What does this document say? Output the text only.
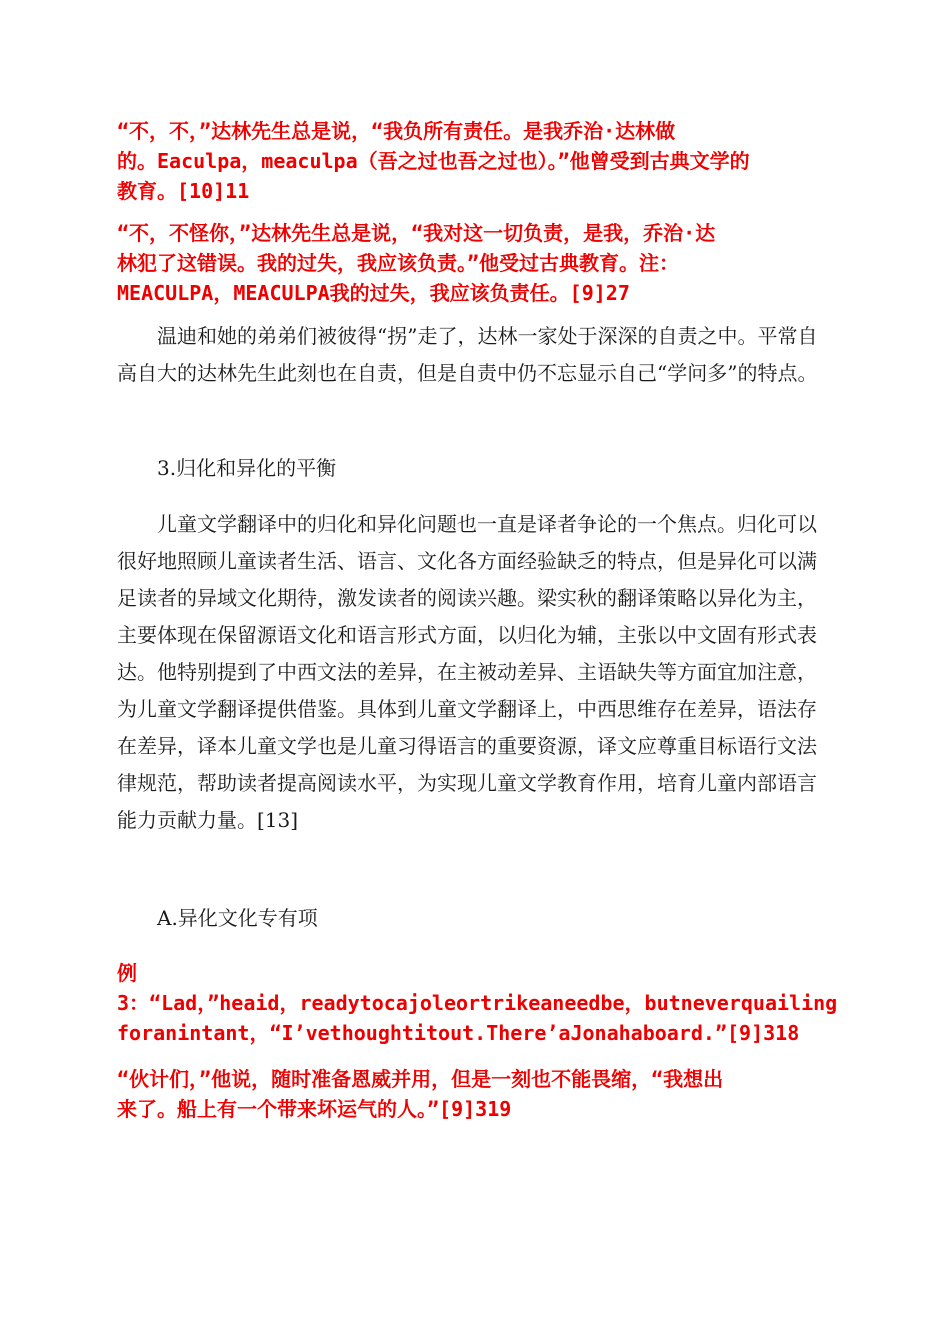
“不，不，”达林先生总是说，“我负所有责任。是我乔治·达林做
的。Eaculpa，meaculpa（吾之过也吾之过也）。”他曾受到古典文学的
教育。[10]11
“不，不怪你，”达林先生总是说，“我对这一切负责，是我，乔治·达
林犯了这错误。我的过失，我应该负责。”他受过古典教育。注：
MEACULPA，MEACULPA我的过失，我应该负责任。[9]27

温迪和她的弟弟们被彼得“拐”走了，达林一家处于深深的自责之中。平常自高自大的达林先生此刻也在自责，但是自责中仍不忘显示自己“学问多”的特点。

3.归化和异化的平衡

儿童文学翻译中的归化和异化问题也一直是译者争论的一个焦点。归化可以很好地照顾儿童读者生活、语言、文化各方面经验缺乏的特点，但是异化可以满足读者的异域文化期待，激发读者的阅读兴趣。梁实秋的翻译策略以异化为主，主要体现在保留源语文化和语言形式方面，以归化为辅，主张以中文固有形式表达。他特别提到了中西文法的差异，在主被动差异、主语缺失等方面宜加注意，为儿童文学翻译提供借鉴。具体到儿童文学翻译上，中西思维存在差异，语法存在差异，译本儿童文学也是儿童习得语言的重要资源，译文应尊重目标语行文法律规范，帮助读者提高阅读水平，为实现儿童文学教育作用，培育儿童内部语言能力贡献力量。[13]

A.异化文化专有项

例
3：“Lad，”heaid，readytocajoleortrikeaneedbe，butneverquailing
foranintant，“I’vethoughtitout.There’aJonahaboard.”[9]318
“伙计们，”他说，随时准备恩威并用，但是一刻也不能畏缩，“我想出
来了。船上有一个带来坏运气的人。”[9]319
